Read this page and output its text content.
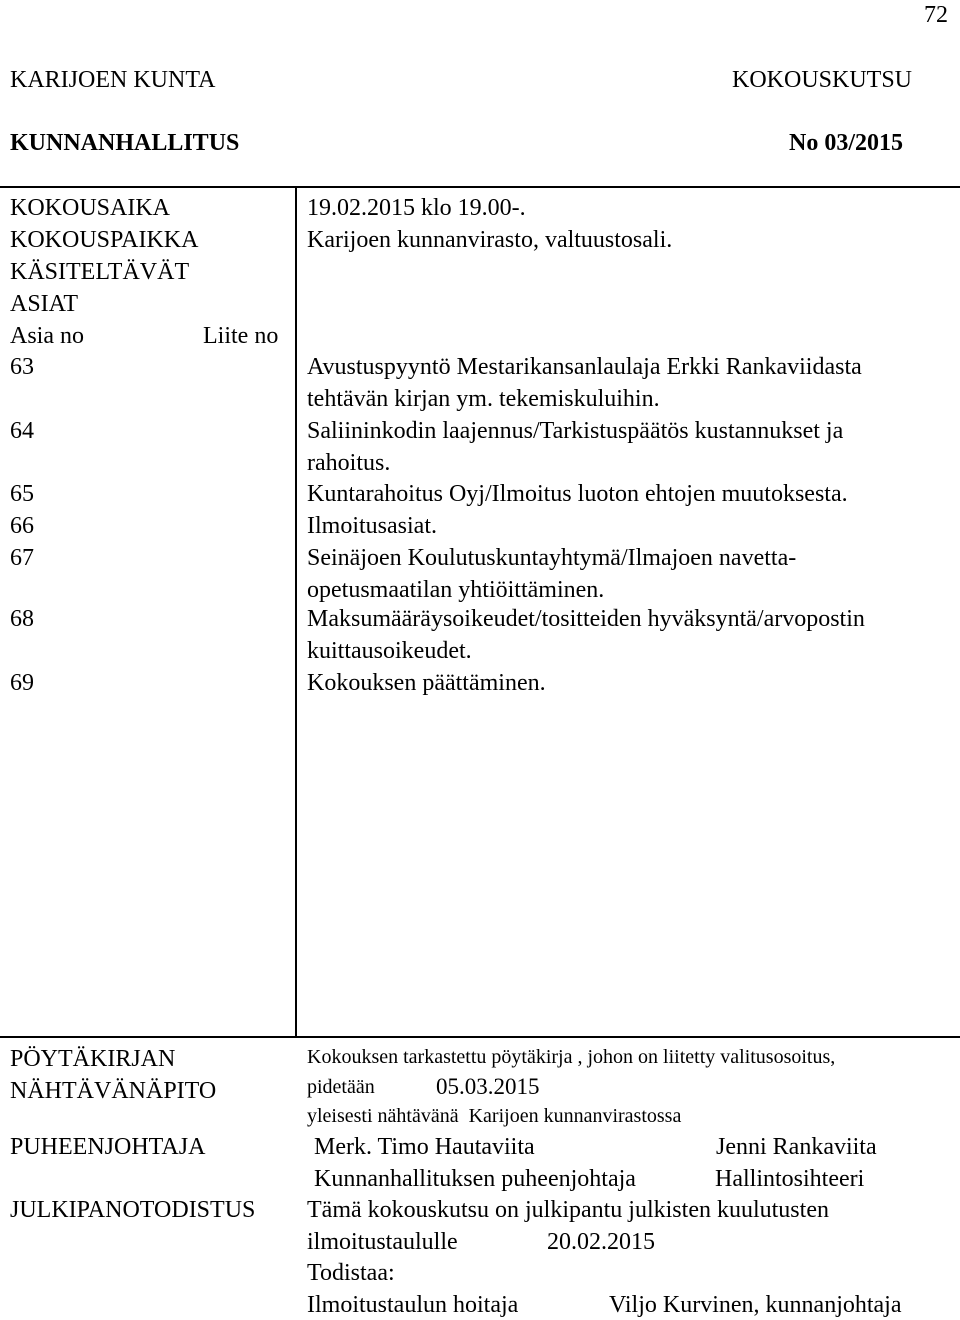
72
KARIJOEN KUNTA	KOKOUSKUTSU
KUNNANHALLITUS	No 03/2015
KOKOUSAIKA	19.02.2015 klo 19.00-.
KOKOUSPAIKKA	Karijoen kunnanvirasto, valtuustosali.
KÄSITELTÄVÄT
ASIAT
Asia no	Liite no
63	Avustuspyyntö Mestarikansanlaulaja Erkki Rankaviidasta
tehtävän kirjan ym. tekemiskuluihin.
64	Saliininkodin laajennus/Tarkistuspäätös kustannukset ja
rahoitus.
65	Kuntarahoitus Oyj/Ilmoitus luoton ehtojen muutoksesta.
66	Ilmoitusasiat.
67	Seinäjoen Koulutuskuntayhtymä/Ilmajoen navetta-
opetusmaatilan yhtiöittäminen.
68	Maksumääräysoikeudet/tositteiden hyväksyntä/arvopostin
kuittausoikeudet.
69	Kokouksen päättäminen.
PÖYTÄKIRJAN
NÄHTÄVÄNÄPITO
Kokouksen tarkastettu pöytäkirja , johon on liitetty valitusosoitus,
pidetään	05.03.2015
yleisesti nähtävänä  Karijoen kunnanvirastossa
PUHEENJOHTAJA	Merk. Timo Hautaviita	Jenni Rankaviita
Kunnanhallituksen puheenjohtaja	Hallintosihteeri
JULKIPANOTODISTUS Tämä kokouskutsu on julkipantu julkisten kuulutusten
ilmoitustaululle	20.02.2015
Todistaa:
Ilmoitustaulun hoitaja	Viljo Kurvinen, kunnanjohtaja
